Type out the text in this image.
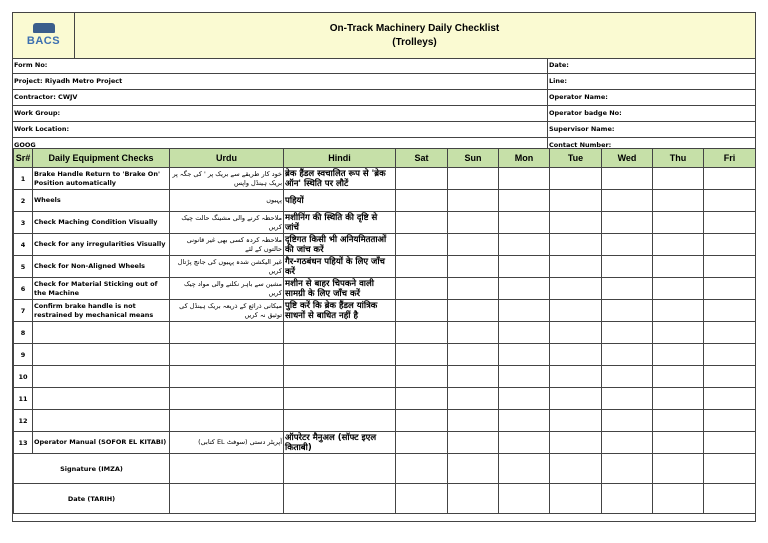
BACS
On-Track Machinery Daily Checklist
(Trolleys)
Form No:	Date:
Project: Riyadh Metro Project	Line:
Contractor: CWJV	Operator Name:
Work Group:	Operator badge No:
Work Location:	Supervisor Name:
GOOG	Contact Number:
Sr#	Daily Equipment Checks	Urdu	Hindi	Sat	Sun	Mon	Tue	Wed	Thu	Fri
1	Brake Handle Return to 'Brake On' Position automatically	خود کار طریقے سے بریک پر ' کی جگہ پر بریک ہینڈل واپس	ब्रेक हैंडल स्वचालित रूप से 'ब्रेक ऑन' स्थिति पर लौटें							
2	Wheels	پہیوں	पहियों							
3	Check Maching Condition Visually	ملاحظہ کرنے والی مشینگ حالت چیک کریں	मशीनिंग की स्थिति की दृष्टि से जांचें							
4	Check for any irregularities Visually	ملاحظہ کردہ کسی بھی غیر قانونی حالتوں کے لئے	दृष्टिगत किसी भी अनियमितताओं की जांच करें							
5	Check for Non-Aligned Wheels	غیر الیکشن شدہ پہیوں کی جانچ پڑتال کریں	गैर-गठबंधन पहियों के लिए जाँच करें							
6	Check for Material Sticking out of the Machine	مشین سے باہر نکلنے والی مواد چیک کریں	मशीन से बाहर चिपकने वाली सामग्री के लिए जाँच करें							
7	Confirm brake handle is not restrained by mechanical means	میکانی ذرائع کے ذریعہ بریک ہینڈل کی توثیق نہ کریں	पुष्टि करें कि ब्रेक हैंडल यांत्रिक साधनों से बाधित नहीं है							
8										
9										
10										
11										
12										
13	Operator Manual (SOFOR EL KITABI)	آپریٹر دستی (سوفٹ EL کتابی)	ऑपरेटर मैनुअल (सॉफ्ट इएल किताबी)							
Signature (IMZA)										
Date (TARIH)										
